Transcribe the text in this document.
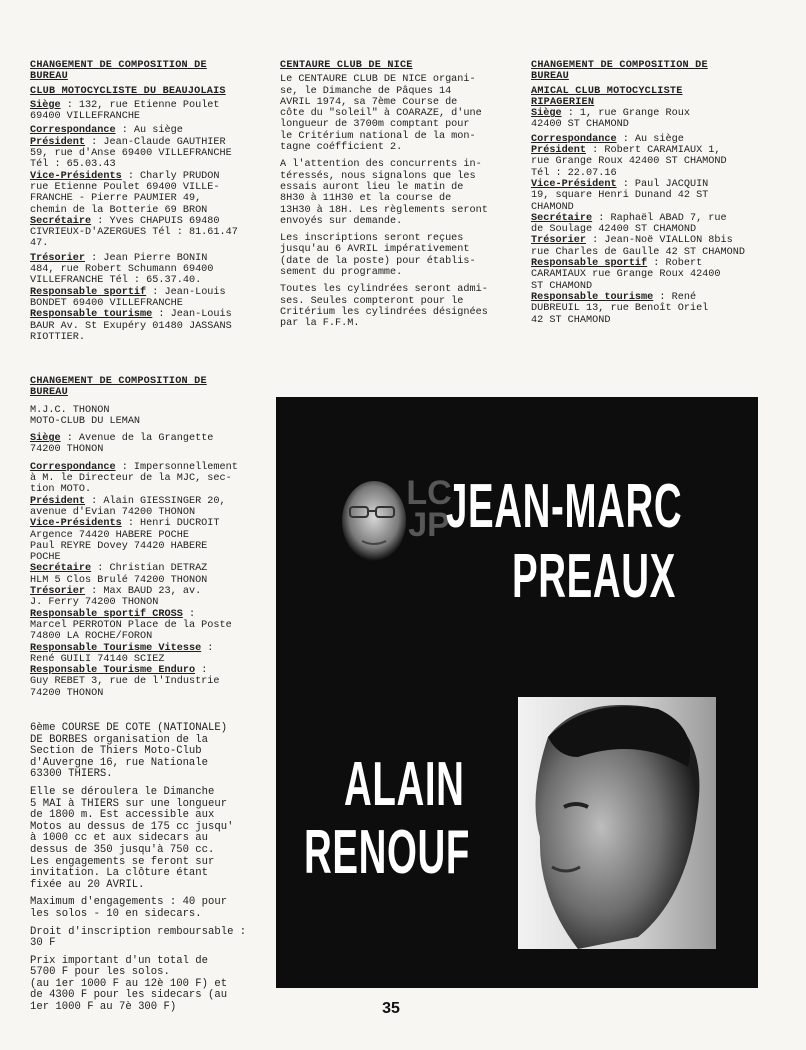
CHANGEMENT DE COMPOSITION DE
BUREAU
CLUB MOTOCYCLISTE DU BEAUJOLAIS
Siège : 132, rue Etienne Poulet
69400 VILLEFRANCHE
Correspondance : Au siège
Président : Jean-Claude GAUTHIER
59, rue d'Anse 69400 VILLEFRANCHE
Tél : 65.03.43
Vice-Présidents : Charly PRUDON
rue Etienne Poulet 69400 VILLE-
FRANCHE - Pierre PAUMIER 49,
chemin de la Botterie 69 BRON
Secrétaire : Yves CHAPUIS 69480
CIVRIEUX-D'AZERGUES Tél : 81.61.47
47.
Trésorier : Jean Pierre BONIN
484, rue Robert Schumann 69400
VILLEFRANCHE Tél : 65.37.40.
Responsable sportif : Jean-Louis
BONDET 69400 VILLEFRANCHE
Responsable tourisme : Jean-Louis
BAUR Av. St Exupéry 01480 JASSANS
RIOTTIER.
CENTAURE CLUB DE NICE

Le CENTAURE CLUB DE NICE organi-
se, le Dimanche de Pâques 14
AVRIL 1974, sa 7ème Course de
côte du "soleil" à COARAZE, d'une
longueur de 3700m comptant pour
le Critérium national de la mon-
tagne coéfficient 2.

A l'attention des concurrents in-
téressés, nous signalons que les
essais auront lieu le matin de
8H30 à 11H30 et la course de
13H30 à 18H. Les règlements seront
envoyés sur demande.

Les inscriptions seront reçues
jusqu'au 6 AVRIL impérativement
(date de la poste) pour établis-
sement du programme.

Toutes les cylindrées seront admi-
ses. Seules compteront pour le
Critérium les cylindrées désignées
par la F.F.M.

CHANGEMENT DE COMPOSITION DE
BUREAU
AMICAL CLUB MOTOCYCLISTE
RIPAGERIEN
Siège : 1, rue Grange Roux
42400 ST CHAMOND
Correspondance : Au siège
Président : Robert CARAMIAUX 1,
rue Grange Roux 42400 ST CHAMOND
Tél : 22.07.16
Vice-Président : Paul JACQUIN
19, square Henri Dunand 42 ST
CHAMOND
Secrétaire : Raphaël ABAD 7, rue
de Soulage 42400 ST CHAMOND
Trésorier : Jean-Noë VIALLON 8bis
rue Charles de Gaulle 42 ST CHAMOND
Responsable sportif : Robert
CARAMIAUX rue Grange Roux 42400
ST CHAMOND
Responsable tourisme : René
DUBREUIL 13, rue Benoît Oriel
42 ST CHAMOND
CHANGEMENT DE COMPOSITION DE
BUREAU
M.J.C. THONON
MOTO-CLUB DU LEMAN
Siège : Avenue de la Grangette
74200 THONON
Correspondance : Impersonnellement
à M. le Directeur de la MJC, sec-
tion MOTO.
Président : Alain GIESSINGER 20,
avenue d'Evian 74200 THONON
Vice-Présidents : Henri DUCROIT
Argence 74420 HABERE POCHE
Paul REYRE Dovey 74420 HABERE
POCHE
Secrétaire : Christian DETRAZ
HLM 5 Clos Brulé 74200 THONON
Trésorier : Max BAUD 23, av.
J. Ferry 74200 THONON
Responsable sportif CROSS :
Marcel PERROTON Place de la Poste
74800 LA ROCHE/FORON
Responsable Tourisme Vitesse :
René GUILI 74140 SCIEZ
Responsable Tourisme Enduro :
Guy REBET 3, rue de l'Industrie
74200 THONON

6ème COURSE DE COTE (NATIONALE)
DE BORBES organisation de la
Section de Thiers Moto-Club
d'Auvergne 16, rue Nationale
63300 THIERS.

Elle se déroulera le Dimanche
5 MAI à THIERS sur une longueur
de 1800 m. Est accessible aux
Motos au dessus de 175 cc jusqu'
à 1000 cc et aux sidecars au
dessus de 350 jusqu'à 750 cc.
Les engagements se feront sur
invitation. La clôture étant
fixée au 20 AVRIL.

Maximum d'engagements : 40 pour
les solos - 10 en sidecars.

Droit d'inscription remboursable :
30 F

Prix important d'un total de
5700 F pour les solos.
(au 1er 1000 F au 12è 100 F) et
de 4300 F pour les sidecars (au
1er 1000 F au 7è 300 F)

LC
JP
JEAN-MARC
PREAUX
ALAIN
RENOUF
35
